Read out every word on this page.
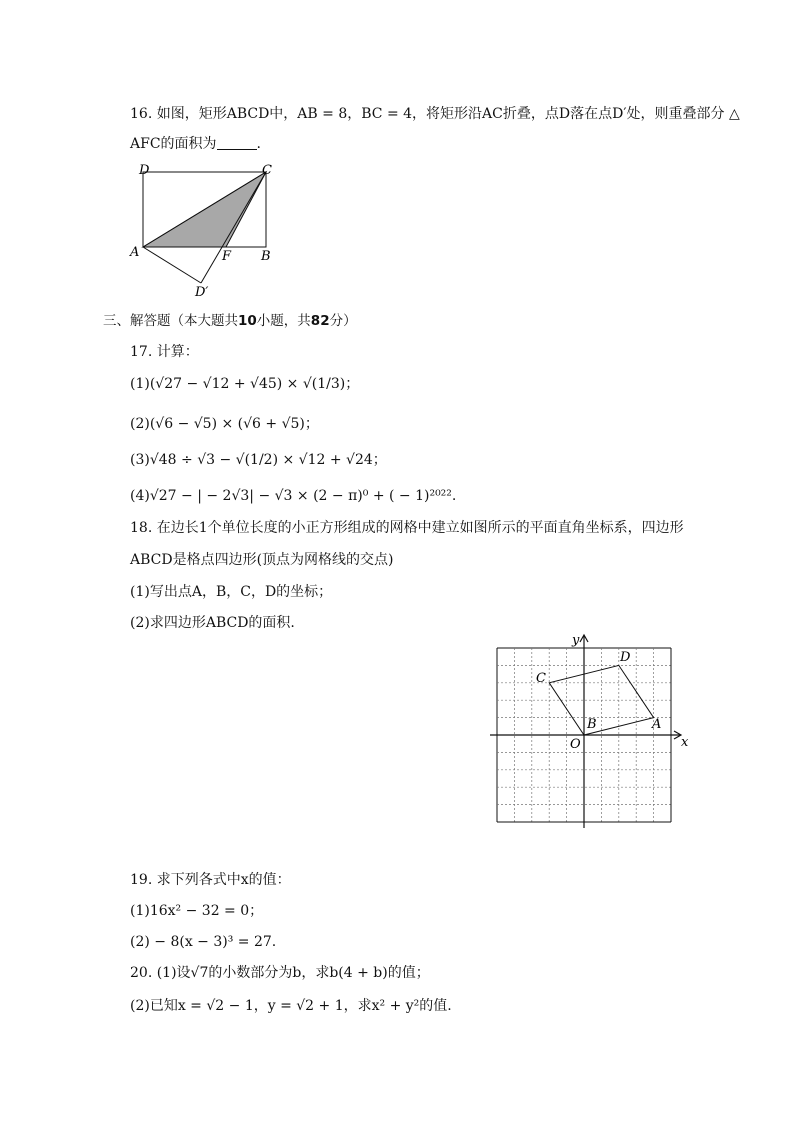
16. 如图，矩形ABCD中，AB = 8，BC = 4，将矩形沿AC折叠，点D落在点D′处，则重叠部分 △
AFC的面积为	.
D	C
A	F B
D′
三、解答题（本大题共10小题，共82分）
17. 计算：
(1)(√27 − √12 + √45) × √(1/3)；
(2)(√6 − √5) × (√6 + √5)；
(3)√48 ÷ √3 − √(1/2) × √12 + √24；
(4)√27 − | − 2√3| − √3 × (2 − π)⁰ + ( − 1)²⁰²².
18. 在边长1个单位长度的小正方形组成的网格中建立如图所示的平面直角坐标系，四边形
ABCD是格点四边形(顶点为网格线的交点)
(1)写出点A，B，C，D的坐标；
(2)求四边形ABCD的面积.
y
x
O
B	A
C
D
19. 求下列各式中x的值：
(1)16x² − 32 = 0；
(2) − 8(x − 3)³ = 27.
20. (1)设√7的小数部分为b，求b(4 + b)的值；
(2)已知x = √2 − 1，y = √2 + 1，求x² + y²的值.
